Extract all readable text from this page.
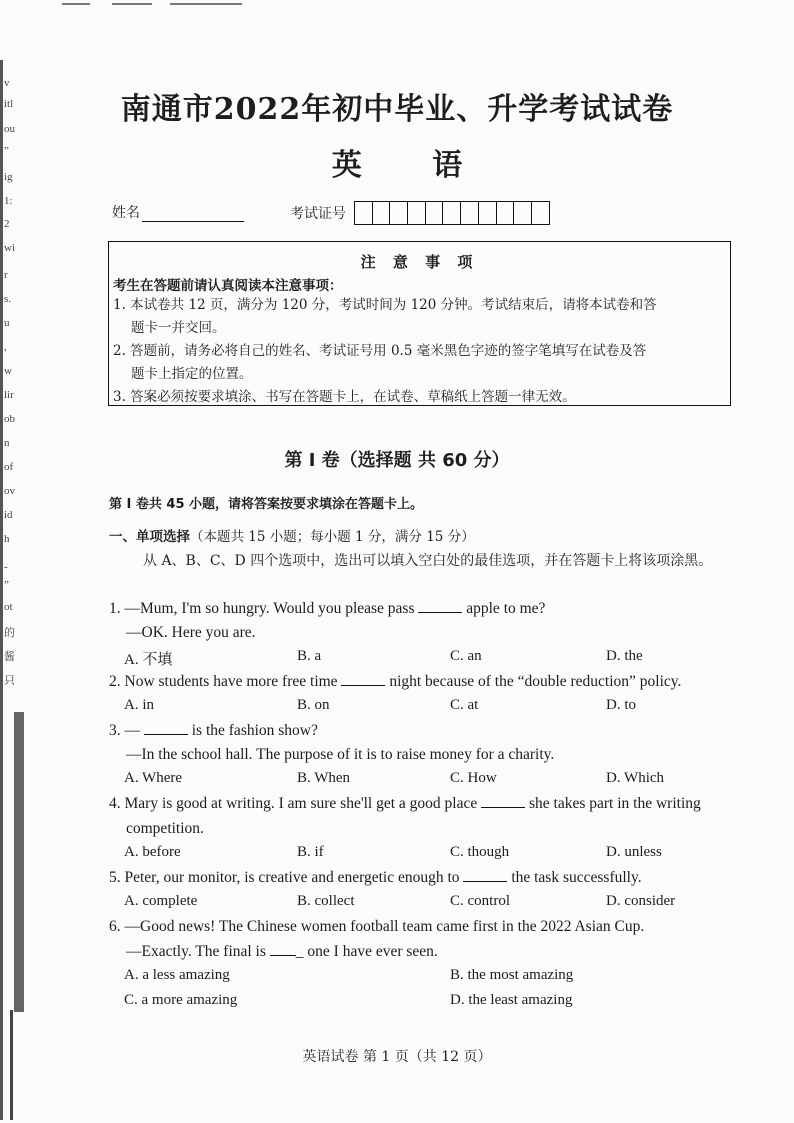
v
itl
ou
”
ig
1:
2
wi
r
s.
u
,
w
lir
ob
n
of
ov
id
h
-
”
ot
的
酱
只
南通市2022年初中毕业、升学考试试卷
英 语
姓名	考试证号
注 意 事 项
考生在答题前请认真阅读本注意事项：
1. 本试卷共 12 页，满分为 120 分，考试时间为 120 分钟。考试结束后，请将本试卷和答
题卡一并交回。
2. 答题前，请务必将自己的姓名、考试证号用 0.5 毫米黑色字迹的签字笔填写在试卷及答
题卡上指定的位置。
3. 答案必须按要求填涂、书写在答题卡上，在试卷、草稿纸上答题一律无效。
第 I 卷（选择题 共 60 分）
第 I 卷共 45 小题，请将答案按要求填涂在答题卡上。
一、单项选择（本题共 15 小题；每小题 1 分，满分 15 分）
从 A、B、C、D 四个选项中，选出可以填入空白处的最佳选项，并在答题卡上将该项涂黑。
1. —Mum, I'm so hungry. Would you please pass	apple to me?
—OK. Here you are.
A. 不填	B. a	C. an	D. the
2. Now students have more free time	night because of the “double reduction” policy.
A. in	B. on	C. at	D. to
3. —	is the fashion show?
—In the school hall. The purpose of it is to raise money for a charity.
A. Where	B. When	C. How	D. Which
4. Mary is good at writing. I am sure she'll get a good place	she takes part in the writing
competition.
A. before	B. if	C. though	D. unless
5. Peter, our monitor, is creative and energetic enough to	the task successfully.
A. complete	B. collect	C. control	D. consider
6. —Good news! The Chinese women football team came first in the 2022 Asian Cup.
—Exactly. The final is _ one I have ever seen.
A. a less amazing	B. the most amazing
C. a more amazing	D. the least amazing
英语试卷 第 1 页（共 12 页）
